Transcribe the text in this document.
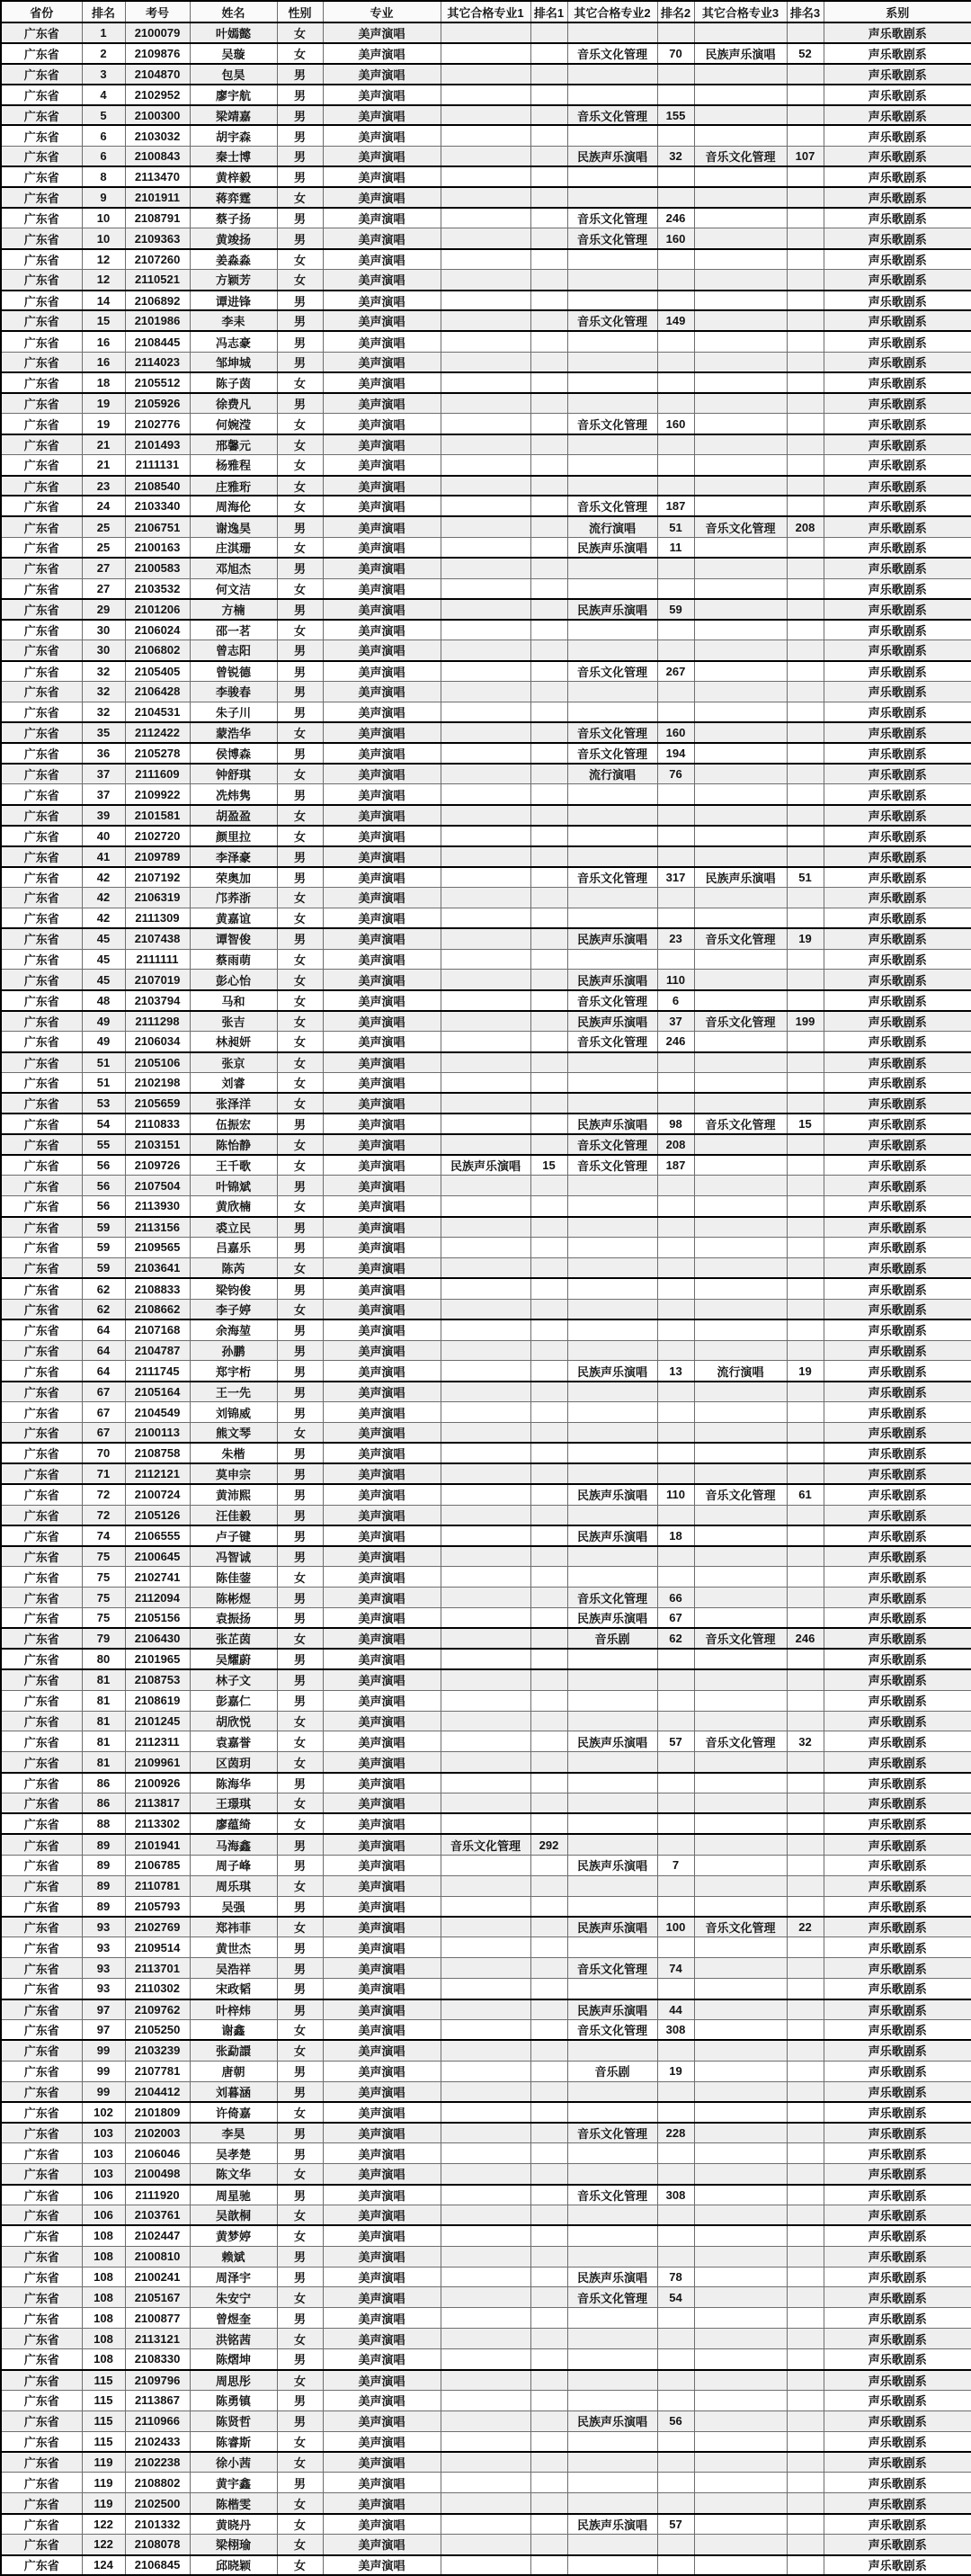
省份	排名	考号	姓名	性别	专业	其它合格专业1	排名1	其它合格专业2	排名2	其它合格专业3	排名3	系别
广东省	1	2100079	叶嫣懿	女	美声演唱							声乐歌剧系
广东省	2	2109876	吴璇	女	美声演唱			音乐文化管理	70	民族声乐演唱	52	声乐歌剧系
广东省	3	2104870	包昊	男	美声演唱							声乐歌剧系
广东省	4	2102952	廖宇航	男	美声演唱							声乐歌剧系
广东省	5	2100300	梁靖嘉	男	美声演唱			音乐文化管理	155			声乐歌剧系
广东省	6	2103032	胡宇森	男	美声演唱							声乐歌剧系
广东省	6	2100843	秦士博	男	美声演唱			民族声乐演唱	32	音乐文化管理	107	声乐歌剧系
广东省	8	2113470	黄梓毅	男	美声演唱							声乐歌剧系
广东省	9	2101911	蒋弈霆	女	美声演唱							声乐歌剧系
广东省	10	2108791	蔡子扬	男	美声演唱			音乐文化管理	246			声乐歌剧系
广东省	10	2109363	黄竣扬	男	美声演唱			音乐文化管理	160			声乐歌剧系
广东省	12	2107260	姜淼淼	女	美声演唱							声乐歌剧系
广东省	12	2110521	方颖芳	女	美声演唱							声乐歌剧系
广东省	14	2106892	谭进锋	男	美声演唱							声乐歌剧系
广东省	15	2101986	李耒	男	美声演唱			音乐文化管理	149			声乐歌剧系
广东省	16	2108445	冯志豪	男	美声演唱							声乐歌剧系
广东省	16	2114023	邹坤城	男	美声演唱							声乐歌剧系
广东省	18	2105512	陈子茵	女	美声演唱							声乐歌剧系
广东省	19	2105926	徐费凡	男	美声演唱							声乐歌剧系
广东省	19	2102776	何婉滢	女	美声演唱			音乐文化管理	160			声乐歌剧系
广东省	21	2101493	邢馨元	女	美声演唱							声乐歌剧系
广东省	21	2111131	杨雅程	女	美声演唱							声乐歌剧系
广东省	23	2108540	庄雅珩	女	美声演唱							声乐歌剧系
广东省	24	2103340	周海伦	女	美声演唱			音乐文化管理	187			声乐歌剧系
广东省	25	2106751	谢逸昊	男	美声演唱			流行演唱	51	音乐文化管理	208	声乐歌剧系
广东省	25	2100163	庄淇珊	女	美声演唱			民族声乐演唱	11			声乐歌剧系
广东省	27	2100583	邓旭杰	男	美声演唱							声乐歌剧系
广东省	27	2103532	何文洁	女	美声演唱							声乐歌剧系
广东省	29	2101206	方楠	男	美声演唱			民族声乐演唱	59			声乐歌剧系
广东省	30	2106024	邵一茗	女	美声演唱							声乐歌剧系
广东省	30	2106802	曾志阳	男	美声演唱							声乐歌剧系
广东省	32	2105405	曾锐德	男	美声演唱			音乐文化管理	267			声乐歌剧系
广东省	32	2106428	李骏春	男	美声演唱							声乐歌剧系
广东省	32	2104531	朱子川	男	美声演唱							声乐歌剧系
广东省	35	2112422	蒙浩华	女	美声演唱			音乐文化管理	160			声乐歌剧系
广东省	36	2105278	侯博森	男	美声演唱			音乐文化管理	194			声乐歌剧系
广东省	37	2111609	钟舒琪	女	美声演唱			流行演唱	76			声乐歌剧系
广东省	37	2109922	冼炜隽	男	美声演唱							声乐歌剧系
广东省	39	2101581	胡盈盈	女	美声演唱							声乐歌剧系
广东省	40	2102720	颜里拉	女	美声演唱							声乐歌剧系
广东省	41	2109789	李泽豪	男	美声演唱							声乐歌剧系
广东省	42	2107192	荣奥加	男	美声演唱			音乐文化管理	317	民族声乐演唱	51	声乐歌剧系
广东省	42	2106319	邝荞浙	女	美声演唱							声乐歌剧系
广东省	42	2111309	黄嘉谊	女	美声演唱							声乐歌剧系
广东省	45	2107438	谭智俊	男	美声演唱			民族声乐演唱	23	音乐文化管理	19	声乐歌剧系
广东省	45	2111111	蔡雨萌	女	美声演唱							声乐歌剧系
广东省	45	2107019	彭心怡	女	美声演唱			民族声乐演唱	110			声乐歌剧系
广东省	48	2103794	马和	女	美声演唱			音乐文化管理	6			声乐歌剧系
广东省	49	2111298	张吉	女	美声演唱			民族声乐演唱	37	音乐文化管理	199	声乐歌剧系
广东省	49	2106034	林昶妍	女	美声演唱			音乐文化管理	246			声乐歌剧系
广东省	51	2105106	张京	女	美声演唱							声乐歌剧系
广东省	51	2102198	刘睿	女	美声演唱							声乐歌剧系
广东省	53	2105659	张泽洋	女	美声演唱							声乐歌剧系
广东省	54	2110833	伍振宏	男	美声演唱			民族声乐演唱	98	音乐文化管理	15	声乐歌剧系
广东省	55	2103151	陈怡静	女	美声演唱			音乐文化管理	208			声乐歌剧系
广东省	56	2109726	王千歌	女	美声演唱	民族声乐演唱	15	音乐文化管理	187			声乐歌剧系
广东省	56	2107504	叶锦斌	男	美声演唱							声乐歌剧系
广东省	56	2113930	黄欣楠	女	美声演唱							声乐歌剧系
广东省	59	2113156	裘立民	男	美声演唱							声乐歌剧系
广东省	59	2109565	吕嘉乐	男	美声演唱							声乐歌剧系
广东省	59	2103641	陈芮	女	美声演唱							声乐歌剧系
广东省	62	2108833	梁钧俊	男	美声演唱							声乐歌剧系
广东省	62	2108662	李子婷	女	美声演唱							声乐歌剧系
广东省	64	2107168	余海堃	男	美声演唱							声乐歌剧系
广东省	64	2104787	孙鹏	男	美声演唱							声乐歌剧系
广东省	64	2111745	郑宇桁	男	美声演唱			民族声乐演唱	13	流行演唱	19	声乐歌剧系
广东省	67	2105164	王一先	男	美声演唱							声乐歌剧系
广东省	67	2104549	刘锦威	男	美声演唱							声乐歌剧系
广东省	67	2100113	熊文琴	女	美声演唱							声乐歌剧系
广东省	70	2108758	朱楷	男	美声演唱							声乐歌剧系
广东省	71	2112121	莫申宗	男	美声演唱							声乐歌剧系
广东省	72	2100724	黄沛熙	男	美声演唱			民族声乐演唱	110	音乐文化管理	61	声乐歌剧系
广东省	72	2105126	汪佳毅	男	美声演唱							声乐歌剧系
广东省	74	2106555	卢子键	男	美声演唱			民族声乐演唱	18			声乐歌剧系
广东省	75	2100645	冯智诚	男	美声演唱							声乐歌剧系
广东省	75	2102741	陈佳蓥	女	美声演唱							声乐歌剧系
广东省	75	2112094	陈彬煜	男	美声演唱			音乐文化管理	66			声乐歌剧系
广东省	75	2105156	袁振扬	男	美声演唱			民族声乐演唱	67			声乐歌剧系
广东省	79	2106430	张芷茵	女	美声演唱			音乐剧	62	音乐文化管理	246	声乐歌剧系
广东省	80	2101965	吴耀蔚	男	美声演唱							声乐歌剧系
广东省	81	2108753	林子文	男	美声演唱							声乐歌剧系
广东省	81	2108619	彭嘉仁	男	美声演唱							声乐歌剧系
广东省	81	2101245	胡欣悦	女	美声演唱							声乐歌剧系
广东省	81	2112311	袁嘉誉	女	美声演唱			民族声乐演唱	57	音乐文化管理	32	声乐歌剧系
广东省	81	2109961	区茵玥	女	美声演唱							声乐歌剧系
广东省	86	2100926	陈海华	男	美声演唱							声乐歌剧系
广东省	86	2113817	王璟琪	女	美声演唱							声乐歌剧系
广东省	88	2113302	廖蕴绮	女	美声演唱							声乐歌剧系
广东省	89	2101941	马海鑫	男	美声演唱	音乐文化管理	292					声乐歌剧系
广东省	89	2106785	周子峰	男	美声演唱			民族声乐演唱	7			声乐歌剧系
广东省	89	2110781	周乐琪	女	美声演唱							声乐歌剧系
广东省	89	2105793	吴强	男	美声演唱							声乐歌剧系
广东省	93	2102769	郑祎菲	女	美声演唱			民族声乐演唱	100	音乐文化管理	22	声乐歌剧系
广东省	93	2109514	黄世杰	男	美声演唱							声乐歌剧系
广东省	93	2113701	吴浩祥	男	美声演唱			音乐文化管理	74			声乐歌剧系
广东省	93	2110302	宋政韬	男	美声演唱							声乐歌剧系
广东省	97	2109762	叶梓炜	男	美声演唱			民族声乐演唱	44			声乐歌剧系
广东省	97	2105250	谢鑫	女	美声演唱			音乐文化管理	308			声乐歌剧系
广东省	99	2103239	张勐譞	女	美声演唱							声乐歌剧系
广东省	99	2107781	唐朝	男	美声演唱			音乐剧	19			声乐歌剧系
广东省	99	2104412	刘暮涵	男	美声演唱							声乐歌剧系
广东省	102	2101809	许倚嘉	女	美声演唱							声乐歌剧系
广东省	103	2102003	李昊	男	美声演唱			音乐文化管理	228			声乐歌剧系
广东省	103	2106046	吴孝楚	男	美声演唱							声乐歌剧系
广东省	103	2100498	陈文华	女	美声演唱							声乐歌剧系
广东省	106	2111920	周星驰	男	美声演唱			音乐文化管理	308			声乐歌剧系
广东省	106	2103761	吴歆桐	女	美声演唱							声乐歌剧系
广东省	108	2102447	黄梦婷	女	美声演唱							声乐歌剧系
广东省	108	2100810	赖斌	男	美声演唱							声乐歌剧系
广东省	108	2100241	周泽宇	男	美声演唱			民族声乐演唱	78			声乐歌剧系
广东省	108	2105167	朱安宁	女	美声演唱			音乐文化管理	54			声乐歌剧系
广东省	108	2100877	曾煜奎	男	美声演唱							声乐歌剧系
广东省	108	2113121	洪铭茜	女	美声演唱							声乐歌剧系
广东省	108	2108330	陈熠坤	男	美声演唱							声乐歌剧系
广东省	115	2109796	周思彤	女	美声演唱							声乐歌剧系
广东省	115	2113867	陈勇镇	男	美声演唱							声乐歌剧系
广东省	115	2110966	陈贤哲	男	美声演唱			民族声乐演唱	56			声乐歌剧系
广东省	115	2102433	陈睿斯	女	美声演唱							声乐歌剧系
广东省	119	2102238	徐小茜	女	美声演唱							声乐歌剧系
广东省	119	2108802	黄宇鑫	男	美声演唱							声乐歌剧系
广东省	119	2102500	陈楷雯	女	美声演唱							声乐歌剧系
广东省	122	2101332	黄晓丹	女	美声演唱			民族声乐演唱	57			声乐歌剧系
广东省	122	2108078	梁栩瑜	女	美声演唱							声乐歌剧系
广东省	124	2106845	邱晓颖	女	美声演唱							声乐歌剧系
